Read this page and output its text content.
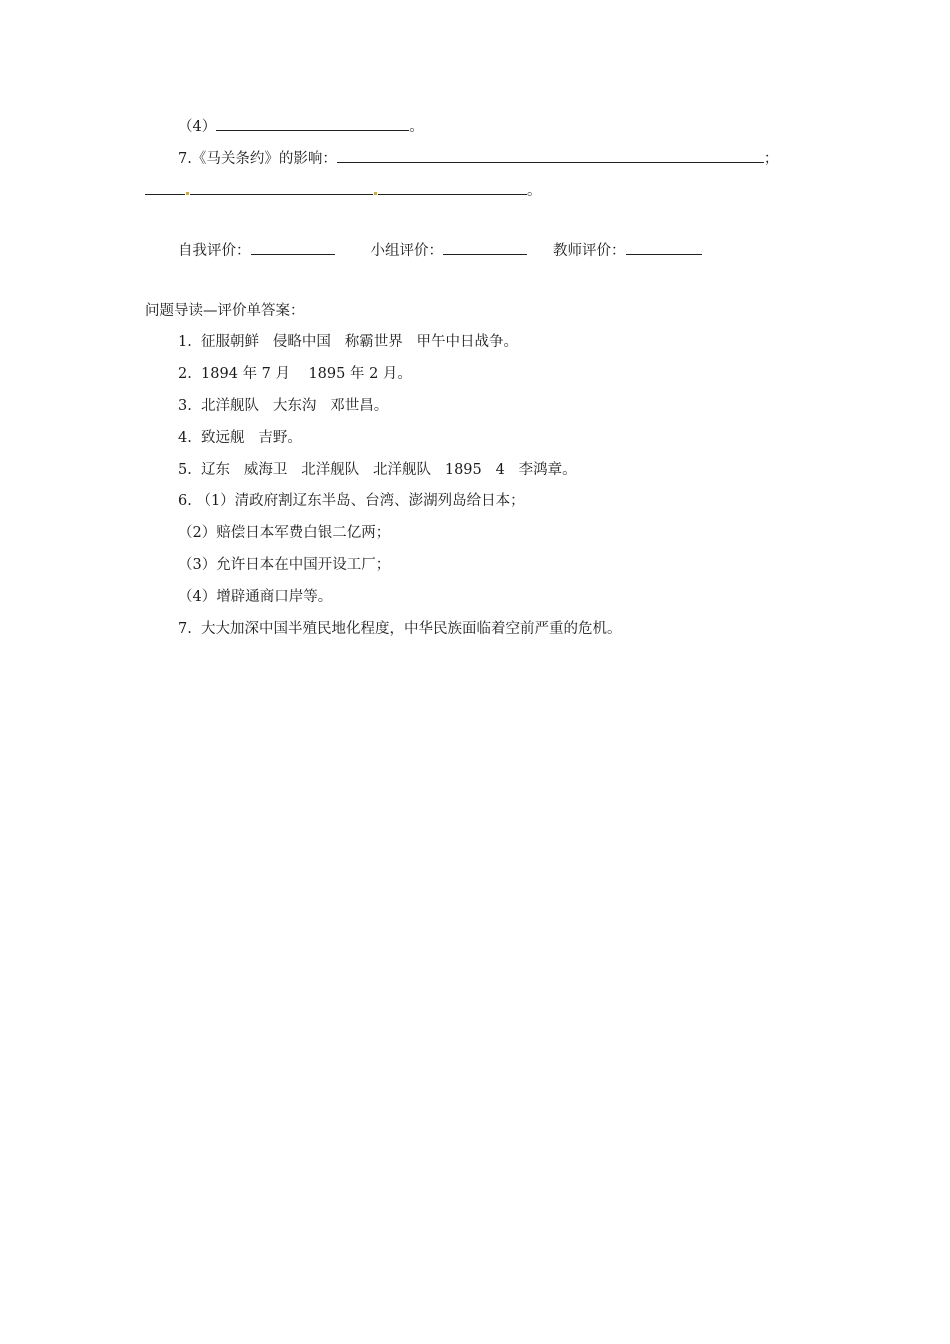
（4）	。
7.《马关条约》的影响：	；
。
自我评价：	小组评价：	教师评价：
问题导读—评价单答案：
1.  征服朝鲜   侵略中国   称霸世界   甲午中日战争。
2.  1894 年 7 月    1895 年 2 月。
3.  北洋舰队   大东沟   邓世昌。
4.  致远舰   吉野。
5.  辽东   威海卫   北洋舰队   北洋舰队   1895   4   李鸿章。
6. （1）清政府割辽东半岛、台湾、澎湖列岛给日本；
（2）赔偿日本军费白银二亿两；
（3）允许日本在中国开设工厂；
（4）增辟通商口岸等。
7.  大大加深中国半殖民地化程度，中华民族面临着空前严重的危机。
